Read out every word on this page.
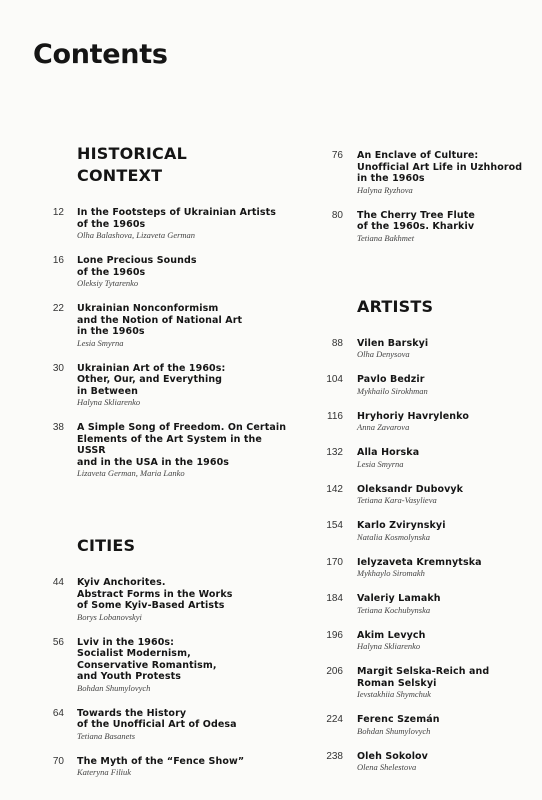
Contents
HISTORICAL
CONTEXT
12 In the Footsteps of Ukrainian Artists
of the 1960s
Olha Balashova, Lizaveta German
16 Lone Precious Sounds
of the 1960s
Oleksiy Tytarenko
22 Ukrainian Nonconformism
and the Notion of National Art
in the 1960s
Lesia Smyrna
30 Ukrainian Art of the 1960s:
Other, Our, and Everything
in Between
Halyna Skliarenko
38 A Simple Song of Freedom. On Certain
Elements of the Art System in the USSR
and in the USA in the 1960s
Lizaveta German, Maria Lanko
CITIES
44 Kyiv Anchorites.
Abstract Forms in the Works
of Some Kyiv-Based Artists
Borys Lobanovskyi
56 Lviv in the 1960s:
Socialist Modernism,
Conservative Romantism,
and Youth Protests
Bohdan Shumylovych
64 Towards the History
of the Unofficial Art of Odesa
Tetiana Basanets
70 The Myth of the “Fence Show”
Kateryna Filiuk
76 An Enclave of Culture:
Unofficial Art Life in Uzhhorod
in the 1960s
Halyna Ryzhova
80 The Cherry Tree Flute
of the 1960s. Kharkiv
Tetiana Bakhmet
ARTISTS
88 Vilen Barskyi
Olha Denysova
104 Pavlo Bedzir
Mykhailo Sirokhman
116 Hryhoriy Havrylenko
Anna Zavarova
132 Alla Horska
Lesia Smyrna
142 Oleksandr Dubovyk
Tetiana Kara-Vasylieva
154 Karlo Zvirynskyi
Natalia Kosmolynska
170 Ielyzaveta Kremnytska
Mykhaylo Siromakh
184 Valeriy Lamakh
Tetiana Kochubynska
196 Akim Levych
Halyna Skliarenko
206 Margit Selska-Reich and
Roman Selskyi
Ievstakhiia Shymchuk
224 Ferenc Szemán
Bohdan Shumylovych
238 Oleh Sokolov
Olena Shelestova
